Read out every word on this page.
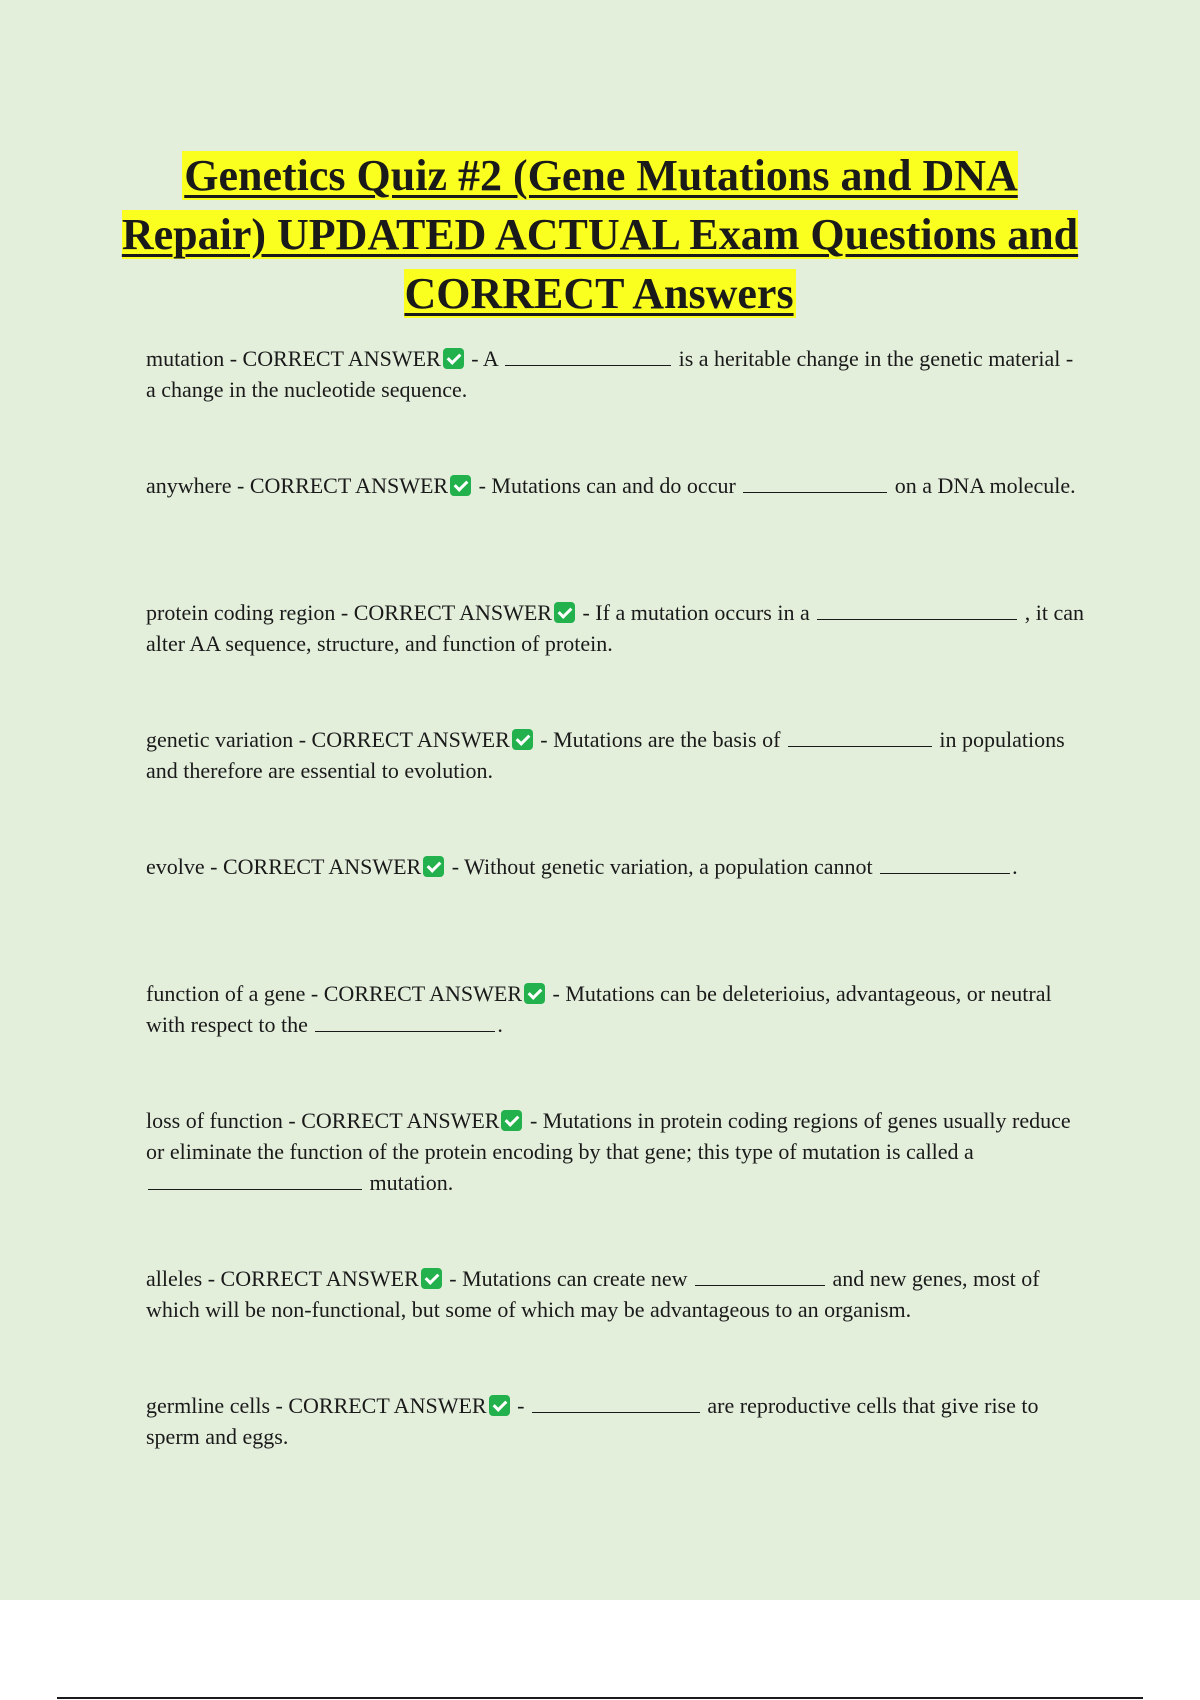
Genetics Quiz #2 (Gene Mutations and DNA Repair) UPDATED ACTUAL Exam Questions and CORRECT Answers
mutation - CORRECT ANSWER - A	is a heritable change in the genetic material - a change in the nucleotide sequence.
anywhere - CORRECT ANSWER - Mutations can and do occur	on a DNA molecule.
protein coding region - CORRECT ANSWER - If a mutation occurs in a	, it can alter AA sequence, structure, and function of protein.
genetic variation - CORRECT ANSWER - Mutations are the basis of	in populations and therefore are essential to evolution.
evolve - CORRECT ANSWER - Without genetic variation, a population cannot	.
function of a gene - CORRECT ANSWER - Mutations can be deleterioius, advantageous, or neutral with respect to the	.
loss of function - CORRECT ANSWER - Mutations in protein coding regions of genes usually reduce or eliminate the function of the protein encoding by that gene; this type of mutation is called a  mutation.
alleles - CORRECT ANSWER - Mutations can create new	and new genes, most of which will be non-functional, but some of which may be advantageous to an organism.
germline cells - CORRECT ANSWER -	are reproductive cells that give rise to sperm and eggs.
